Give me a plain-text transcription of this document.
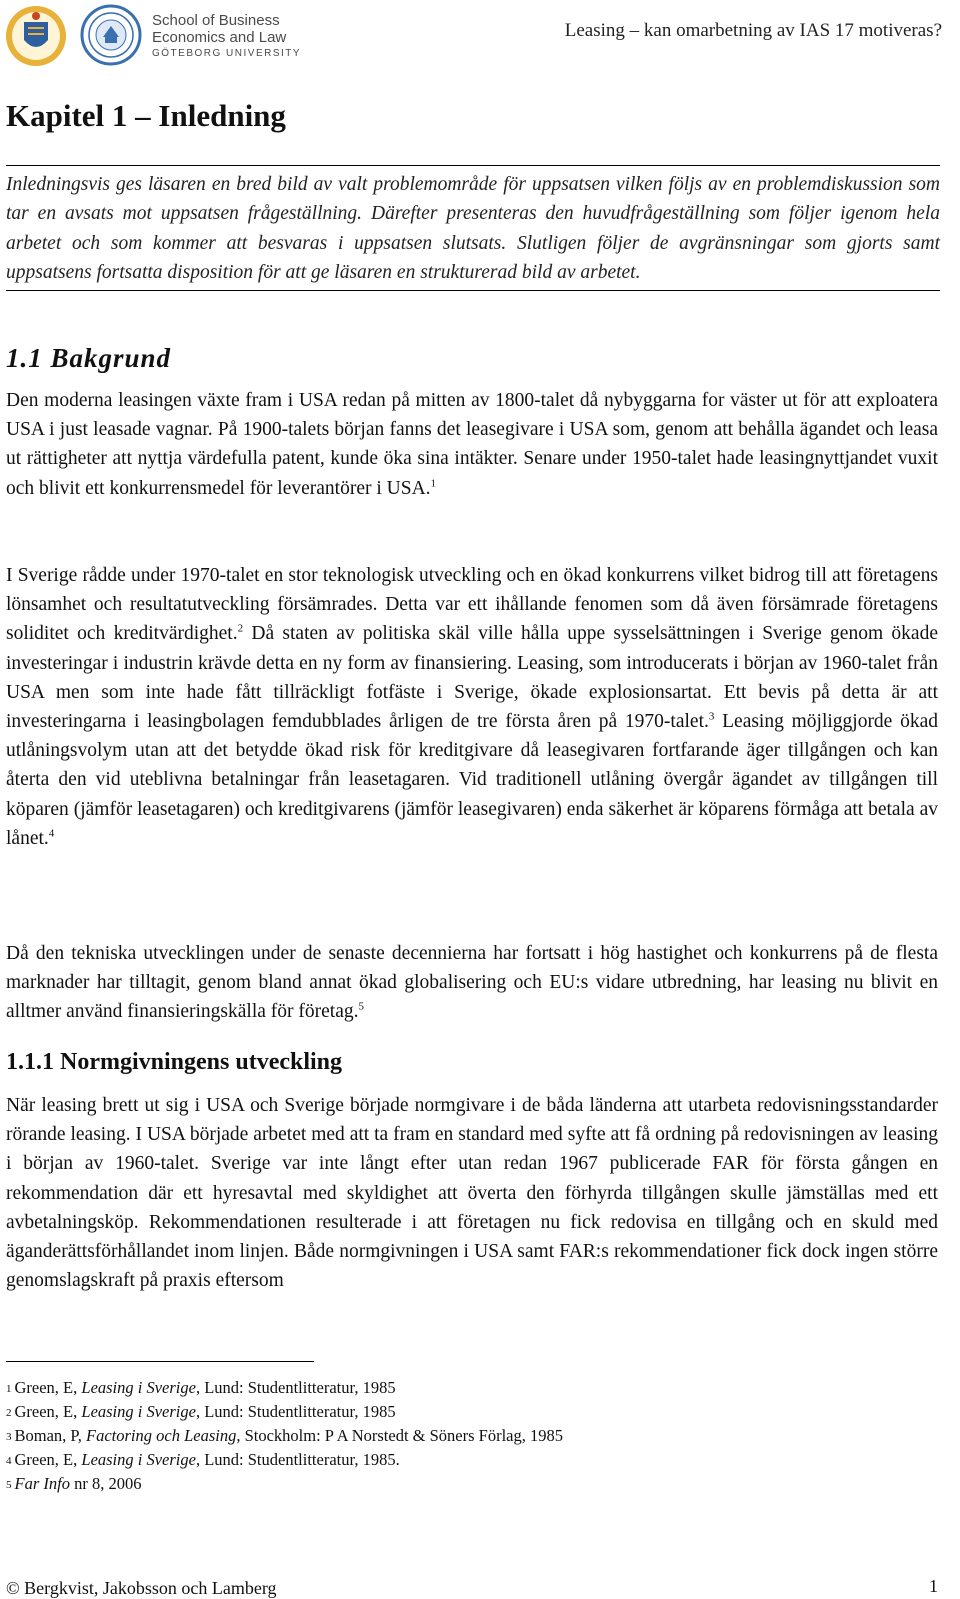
School of Business
Economics and Law
GÖTEBORG UNIVERSITY
Leasing – kan omarbetning av IAS 17 motiveras?
Kapitel 1 – Inledning

Inledningsvis ges läsaren en bred bild av valt problemområde för uppsatsen vilken följs av en problemdiskussion som tar en avsats mot uppsatsen frågeställning. Därefter presenteras den huvudfrågeställning som följer igenom hela arbetet och som kommer att besvaras i uppsatsen slutsats. Slutligen följer de avgränsningar som gjorts samt uppsatsens fortsatta disposition för att ge läsaren en strukturerad bild av arbetet.

1.1 Bakgrund

Den moderna leasingen växte fram i USA redan på mitten av 1800-talet då nybyggarna for väster ut för att exploatera USA i just leasade vagnar. På 1900-talets början fanns det leasegivare i USA som, genom att behålla ägandet och leasa ut rättigheter att nyttja värdefulla patent, kunde öka sina intäkter. Senare under 1950-talet hade leasingnyttjandet vuxit och blivit ett konkurrensmedel för leverantörer i USA.$^1$

I Sverige rådde under 1970-talet en stor teknologisk utveckling och en ökad konkurrens vilket bidrog till att företagens lönsamhet och resultatutveckling försämrades. Detta var ett ihållande fenomen som då även försämrade företagens soliditet och kreditvärdighet.$^2$ Då staten av politiska skäl ville hålla uppe sysselsättningen i Sverige genom ökade investeringar i industrin krävde detta en ny form av finansiering. Leasing, som introducerats i början av 1960-talet från USA men som inte hade fått tillräckligt fotfäste i Sverige, ökade explosionsartat. Ett bevis på detta är att investeringarna i leasingbolagen femdubblades årligen de tre första åren på 1970-talet.$^3$ Leasing möjliggjorde ökad utlåningsvolym utan att det betydde ökad risk för kreditgivare då leasegivaren fortfarande äger tillgången och kan återta den vid uteblivna betalningar från leasetagaren. Vid traditionell utlåning övergår ägandet av tillgången till köparen (jämför leasetagaren) och kreditgivarens (jämför leasegivaren) enda säkerhet är köparens förmåga att betala av lånet.$^4$

Då den tekniska utvecklingen under de senaste decennierna har fortsatt i hög hastighet och konkurrens på de flesta marknader har tilltagit, genom bland annat ökad globalisering och EU:s vidare utbredning, har leasing nu blivit en alltmer använd finansieringskälla för företag.$^5$

1.1.1 Normgivningens utveckling

När leasing brett ut sig i USA och Sverige började normgivare i de båda länderna att utarbeta redovisningsstandarder rörande leasing. I USA började arbetet med att ta fram en standard med syfte att få ordning på redovisningen av leasing i början av 1960-talet. Sverige var inte långt efter utan redan 1967 publicerade FAR för första gången en rekommendation där ett hyresavtal med skyldighet att överta den förhyrda tillgången skulle jämställas med ett avbetalningsköp. Rekommendationen resulterade i att företagen nu fick redovisa en tillgång och en skuld med äganderättsförhållandet inom linjen. Både normgivningen i USA samt FAR:s rekommendationer fick dock ingen större genomslagskraft på praxis eftersom

$^1$ Green, E, Leasing i Sverige, Lund: Studentlitteratur, 1985
$^2$ Green, E, Leasing i Sverige, Lund: Studentlitteratur, 1985
$^3$ Boman, P, Factoring och Leasing, Stockholm: P A Norstedt & Söners Förlag, 1985
$^4$ Green, E, Leasing i Sverige, Lund: Studentlitteratur, 1985.
$^5$ Far Info nr 8, 2006
© Bergkvist, Jakobsson och Lamberg	1
